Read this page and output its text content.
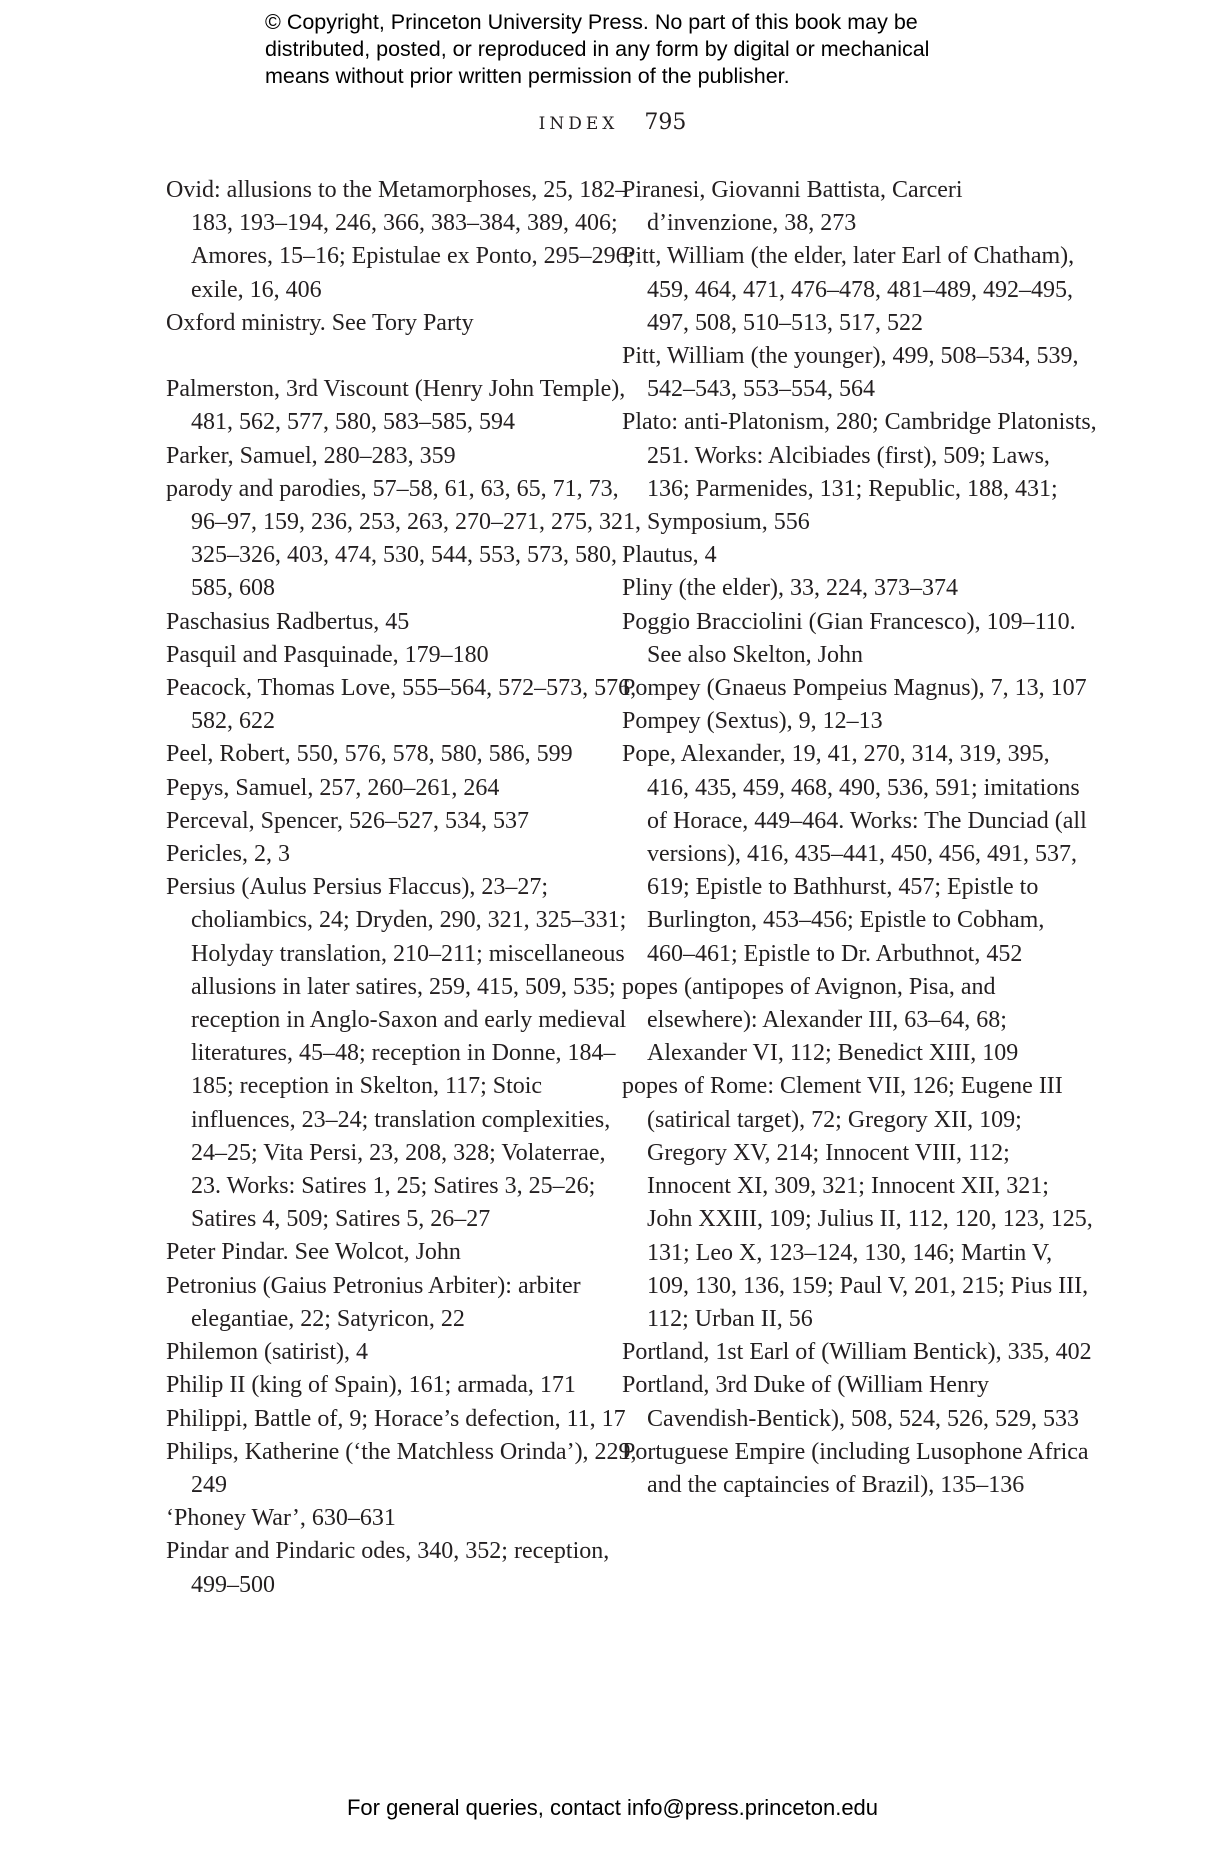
© Copyright, Princeton University Press. No part of this book may be
distributed, posted, or reproduced in any form by digital or mechanical
means without prior written permission of the publisher.
INDEX 795

Ovid: allusions to the Metamorphoses, 25, 182–183, 193–194, 246, 366, 383–384, 389, 406; Amores, 15–16; Epistulae ex Ponto, 295–296; exile, 16, 406

Oxford ministry. See Tory Party

Palmerston, 3rd Viscount (Henry John Temple), 481, 562, 577, 580, 583–585, 594

Parker, Samuel, 280–283, 359

parody and parodies, 57–58, 61, 63, 65, 71, 73, 96–97, 159, 236, 253, 263, 270–271, 275, 321, 325–326, 403, 474, 530, 544, 553, 573, 580, 585, 608

Paschasius Radbertus, 45

Pasquil and Pasquinade, 179–180

Peacock, Thomas Love, 555–564, 572–573, 576, 582, 622

Peel, Robert, 550, 576, 578, 580, 586, 599

Pepys, Samuel, 257, 260–261, 264

Perceval, Spencer, 526–527, 534, 537

Pericles, 2, 3

Persius (Aulus Persius Flaccus), 23–27; choliambics, 24; Dryden, 290, 321, 325–331; Holyday translation, 210–211; miscellaneous allusions in later satires, 259, 415, 509, 535; reception in Anglo-Saxon and early medieval literatures, 45–48; reception in Donne, 184–185; reception in Skelton, 117; Stoic influences, 23–24; translation complexities, 24–25; Vita Persi, 23, 208, 328; Volaterrae, 23. Works: Satires 1, 25; Satires 3, 25–26; Satires 4, 509; Satires 5, 26–27

Peter Pindar. See Wolcot, John

Petronius (Gaius Petronius Arbiter): arbiter elegantiae, 22; Satyricon, 22

Philemon (satirist), 4

Philip II (king of Spain), 161; armada, 171

Philippi, Battle of, 9; Horace’s defection, 11, 17

Philips, Katherine (‘the Matchless Orinda’), 229, 249

‘Phoney War’, 630–631

Pindar and Pindaric odes, 340, 352; reception, 499–500

Piranesi, Giovanni Battista, Carceri d’invenzione, 38, 273

Pitt, William (the elder, later Earl of Chatham), 459, 464, 471, 476–478, 481–489, 492–495, 497, 508, 510–513, 517, 522

Pitt, William (the younger), 499, 508–534, 539, 542–543, 553–554, 564

Plato: anti-Platonism, 280; Cambridge Platonists, 251. Works: Alcibiades (first), 509; Laws, 136; Parmenides, 131; Republic, 188, 431; Symposium, 556

Plautus, 4

Pliny (the elder), 33, 224, 373–374

Poggio Bracciolini (Gian Francesco), 109–110. See also Skelton, John

Pompey (Gnaeus Pompeius Magnus), 7, 13, 107

Pompey (Sextus), 9, 12–13

Pope, Alexander, 19, 41, 270, 314, 319, 395, 416, 435, 459, 468, 490, 536, 591; imitations of Horace, 449–464. Works: The Dunciad (all versions), 416, 435–441, 450, 456, 491, 537, 619; Epistle to Bathhurst, 457; Epistle to Burlington, 453–456; Epistle to Cobham, 460–461; Epistle to Dr. Arbuthnot, 452

popes (antipopes of Avignon, Pisa, and elsewhere): Alexander III, 63–64, 68; Alexander VI, 112; Benedict XIII, 109

popes of Rome: Clement VII, 126; Eugene III (satirical target), 72; Gregory XII, 109; Gregory XV, 214; Innocent VIII, 112; Innocent XI, 309, 321; Innocent XII, 321; John XXIII, 109; Julius II, 112, 120, 123, 125, 131; Leo X, 123–124, 130, 146; Martin V, 109, 130, 136, 159; Paul V, 201, 215; Pius III, 112; Urban II, 56

Portland, 1st Earl of (William Bentick), 335, 402

Portland, 3rd Duke of (William Henry Cavendish-Bentick), 508, 524, 526, 529, 533

Portuguese Empire (including Lusophone Africa and the captaincies of Brazil), 135–136

For general queries, contact info@press.princeton.edu
